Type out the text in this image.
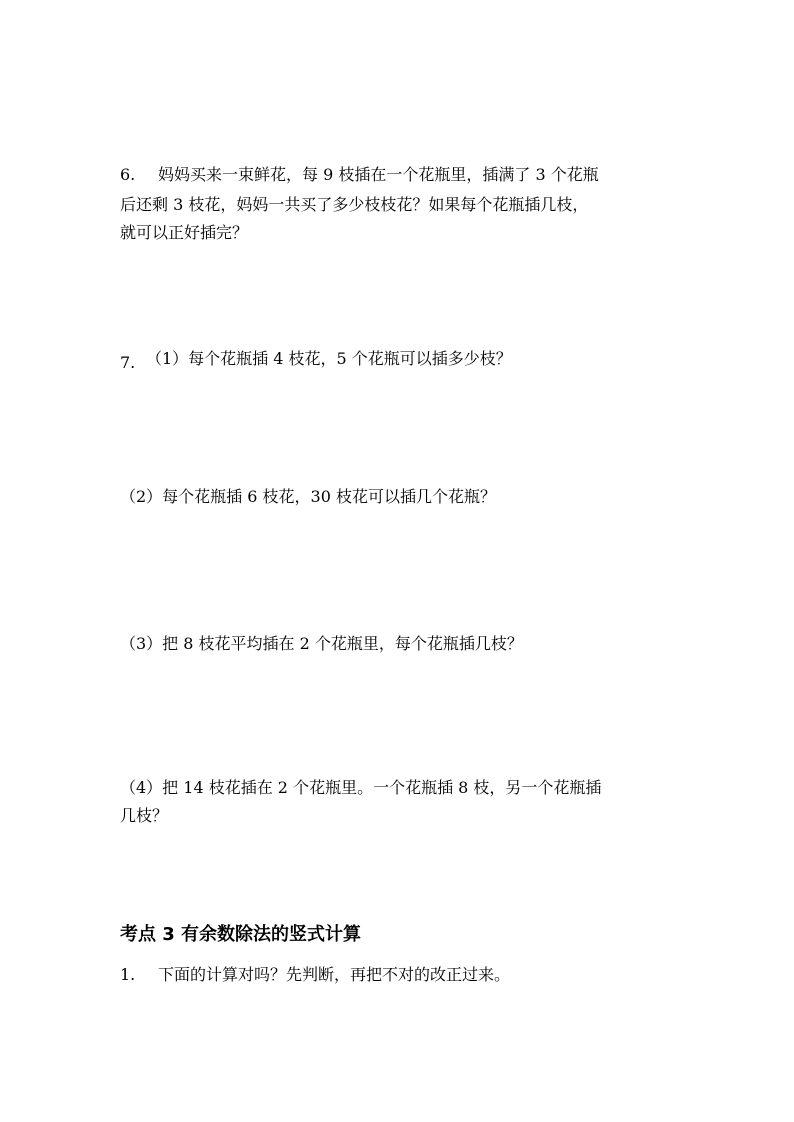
6. 妈妈买来一束鲜花，每 9 枝插在一个花瓶里，插满了 3 个花瓶
后还剩 3 枝花，妈妈一共买了多少枝枝花？如果每个花瓶插几枝，
就可以正好插完？
7. （1）每个花瓶插 4 枝花，5 个花瓶可以插多少枝？
（2）每个花瓶插 6 枝花，30 枝花可以插几个花瓶？
（3）把 8 枝花平均插在 2 个花瓶里，每个花瓶插几枝？
（4）把 14 枝花插在 2 个花瓶里。一个花瓶插 8 枝，另一个花瓶插
几枝？
考点 3 有余数除法的竖式计算
1. 下面的计算对吗？先判断，再把不对的改正过来。
